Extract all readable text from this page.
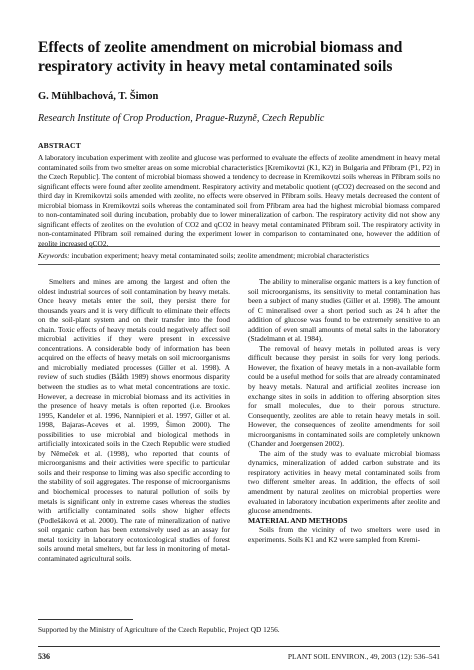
Effects of zeolite amendment on microbial biomass and respiratory activity in heavy metal contaminated soils
G. Mühlbachová, T. Šimon
Research Institute of Crop Production, Prague-Ruzyně, Czech Republic
ABSTRACT
A laboratory incubation experiment with zeolite and glucose was performed to evaluate the effects of zeolite amendment in heavy metal contaminated soils from two smelter areas on some microbial characteristics [Kremikovtzi (K1, K2) in Bulgaria and Příbram (P1, P2) in the Czech Republic]. The content of microbial biomass showed a tendency to decrease in Kremikovtzi soils whereas in Příbram soils no significant effects were found after zeolite amendment. Respiratory activity and metabolic quotient (qCO2) decreased on the second and third day in Kremikovtzi soils amended with zeolite, no effects were observed in Příbram soils. Heavy metals decreased the content of microbial biomass in Kremikovtzi soils whereas the contaminated soil from Příbram area had the highest microbial biomass compared to non-contaminated soil during incubation, probably due to lower mineralization of carbon. The respiratory activity did not show any significant effects of zeolites on the evolution of CO2 and qCO2 in heavy metal contaminated Příbram soil. The respiratory activity in non-contaminated Příbram soil remained during the experiment lower in comparison to contaminated one, however the addition of zeolite increased qCO2.
Keywords: incubation experiment; heavy metal contaminated soils; zeolite amendment; microbial characteristics

Smelters and mines are among the largest and often the oldest industrial sources of soil contamination by heavy metals. Once heavy metals enter the soil, they persist there for thousands years and it is very difficult to eliminate their effects on the soil-plant system and on their transfer into the food chain. Toxic effects of heavy metals could negatively affect soil microbial activities if they were present in excessive concentrations. A considerable body of information has been acquired on the effects of heavy metals on soil microorganisms and microbially mediated processes (Giller et al. 1998). A review of such studies (Bååth 1989) shows enormous disparity between the studies as to what metal concentrations are toxic. However, a decrease in microbial biomass and its activities in the presence of heavy metals is often reported (i.e. Brookes 1995, Kandeler et al. 1996, Nannipieri et al. 1997, Giller et al. 1998, Bajaras-Aceves et al. 1999, Šimon 2000). The possibilities to use microbial and biological methods in artificially intoxicated soils in the Czech Republic were studied by Němeček et al. (1998), who reported that counts of microorganisms and their activities were specific to particular soils and their response to liming was also specific according to the stability of soil aggregates. The response of microorganisms and biochemical processes to natural pollution of soils by metals is significant only in extreme cases whereas the studies with artificially contaminated soils show higher effects (Podlešáková et al. 2000). The rate of mineralization of native soil organic carbon has been extensively used as an assay for metal toxicity in laboratory ecotoxicological studies of forest soils around metal smelters, but far less in monitoring of metal-contaminated agricultural soils.

The ability to mineralise organic matters is a key function of soil microorganisms, its sensitivity to metal contamination has been a subject of many studies (Giller et al. 1998). The amount of C mineralised over a short period such as 24 h after the addition of glucose was found to be extremely sensitive to an addition of even small amounts of metal salts in the laboratory (Stadelmann et al. 1984).

The removal of heavy metals in polluted areas is very difficult because they persist in soils for very long periods. However, the fixation of heavy metals in a non-available form could be a useful method for soils that are already contaminated by heavy metals. Natural and artificial zeolites increase ion exchange sites in soils in addition to offering absorption sites for small molecules, due to their porous structure. Consequently, zeolites are able to retain heavy metals in soil. However, the consequences of zeolite amendments for soil microorganisms in contaminated soils are completely unknown (Chander and Joergensen 2002).

The aim of the study was to evaluate microbial biomass dynamics, mineralization of added carbon substrate and its respiratory activities in heavy metal contaminated soils from two different smelter areas. In addition, the effects of soil amendment by natural zeolites on microbial properties were evaluated in laboratory incubation experiments after zeolite and glucose amendments.

MATERIAL AND METHODS

Soils from the vicinity of two smelters were used in experiments. Soils K1 and K2 were sampled from Kremi-

Supported by the Ministry of Agriculture of the Czech Republic, Project QD 1256.
536	PLANT SOIL ENVIRON., 49, 2003 (12): 536–541
